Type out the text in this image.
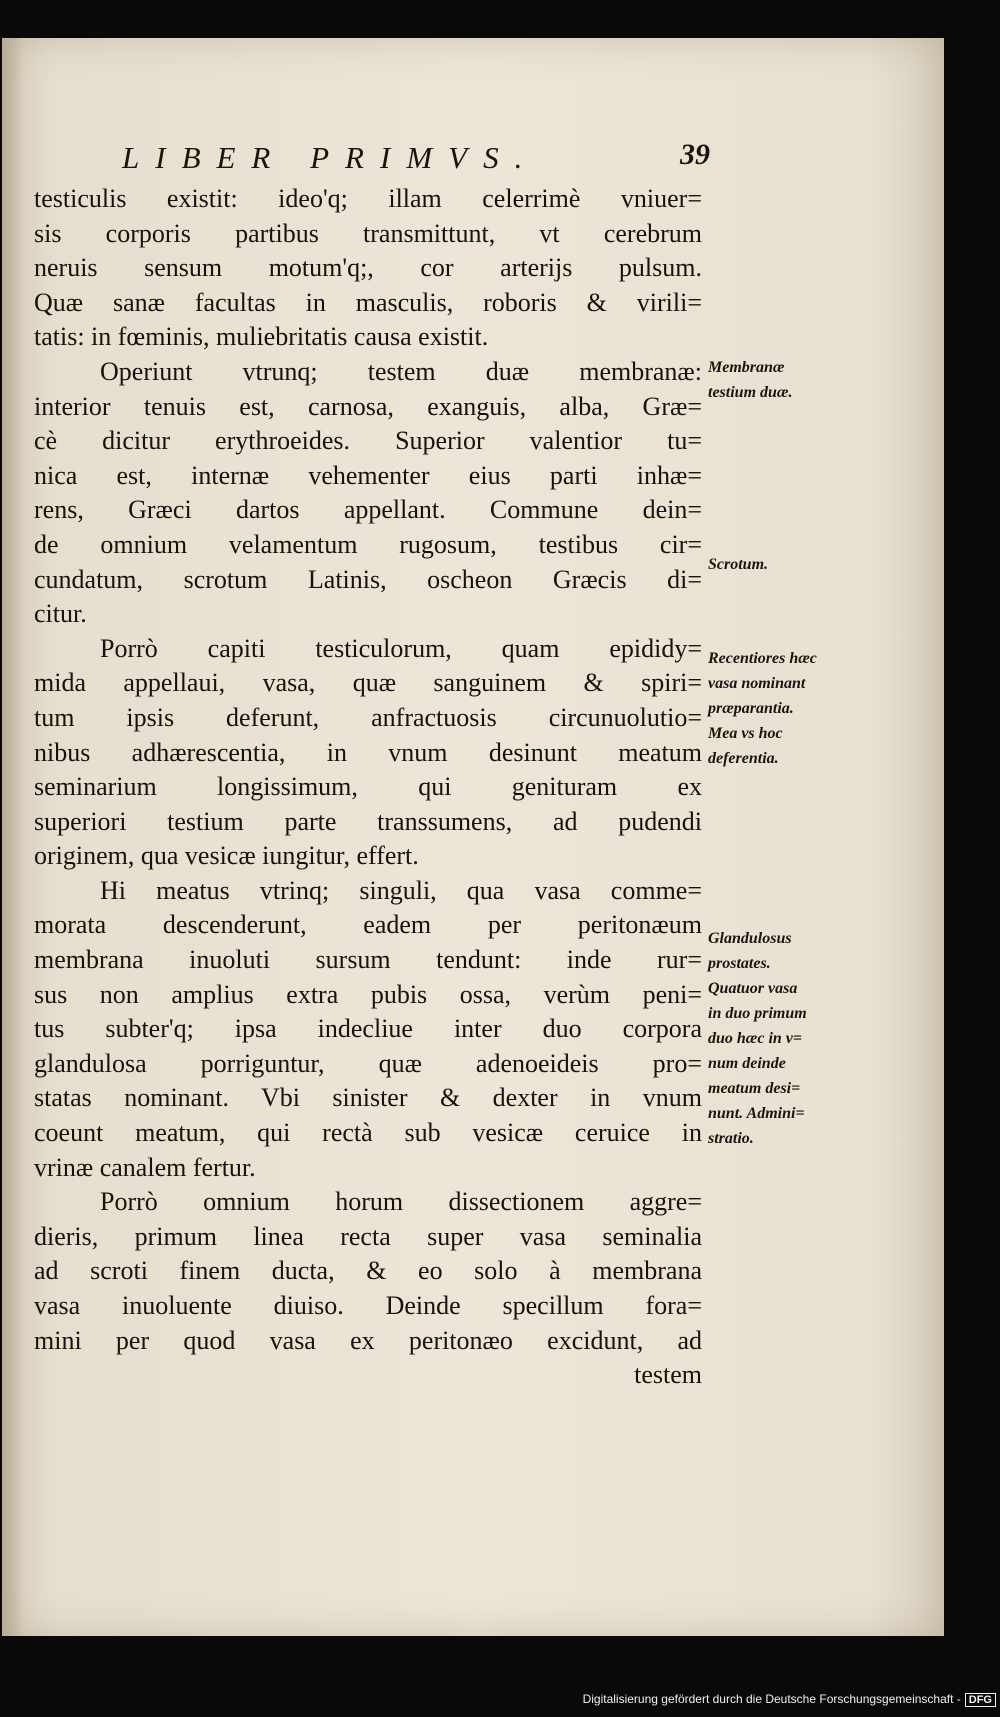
LIBER PRIMVS.	39
testiculis existit: ideo'q; illam celerrimè vniuer=
sis corporis partibus transmittunt, vt cerebrum
neruis sensum motum'q;, cor arterijs pulsum.
Quæ sanæ facultas in masculis, roboris & virili=
tatis: in fœminis, muliebritatis causa existit.
Operiunt vtrunq; testem duæ membranæ:
interior tenuis est, carnosa, exanguis, alba, Græ=
cè dicitur erythroeides. Superior valentior tu=
nica est, internæ vehementer eius parti inhæ=
rens, Græci dartos appellant. Commune dein=
de omnium velamentum rugosum, testibus cir=
cundatum, scrotum Latinis, oscheon Græcis di=
citur.
Porrò capiti testiculorum, quam epididy=
mida appellaui, vasa, quæ sanguinem & spiri=
tum ipsis deferunt, anfractuosis circunuolutio=
nibus adhærescentia, in vnum desinunt meatum
seminarium longissimum, qui genituram ex
superiori testium parte transsumens, ad pudendi
originem, qua vesicæ iungitur, effert.
Hi meatus vtrinq; singuli, qua vasa comme=
morata descenderunt, eadem per peritonæum
membrana inuoluti sursum tendunt: inde rur=
sus non amplius extra pubis ossa, verùm peni=
tus subter'q; ipsa indecliue inter duo corpora
glandulosa porriguntur, quæ adenoeideis pro=
statas nominant. Vbi sinister & dexter in vnum
coeunt meatum, qui rectà sub vesicæ ceruice in
vrinæ canalem fertur.
Porrò omnium horum dissectionem aggre=
dieris, primum linea recta super vasa seminalia
ad scroti finem ducta, & eo solo à membrana
vasa inuoluente diuiso. Deinde specillum fora=
mini per quod vasa ex peritonæo excidunt, ad
testem
Membranæ
testium duæ.
Scrotum.
Recentiores hæc
vasa nominant
præparantia.
Mea vs hoc
deferentia.
Glandulosus
prostates.
Quatuor vasa
in duo primum
duo hæc in v=
num deinde
meatum desi=
nunt. Admini=
stratio.
Digitalisierung gefördert durch die Deutsche Forschungsgemeinschaft - DFG
